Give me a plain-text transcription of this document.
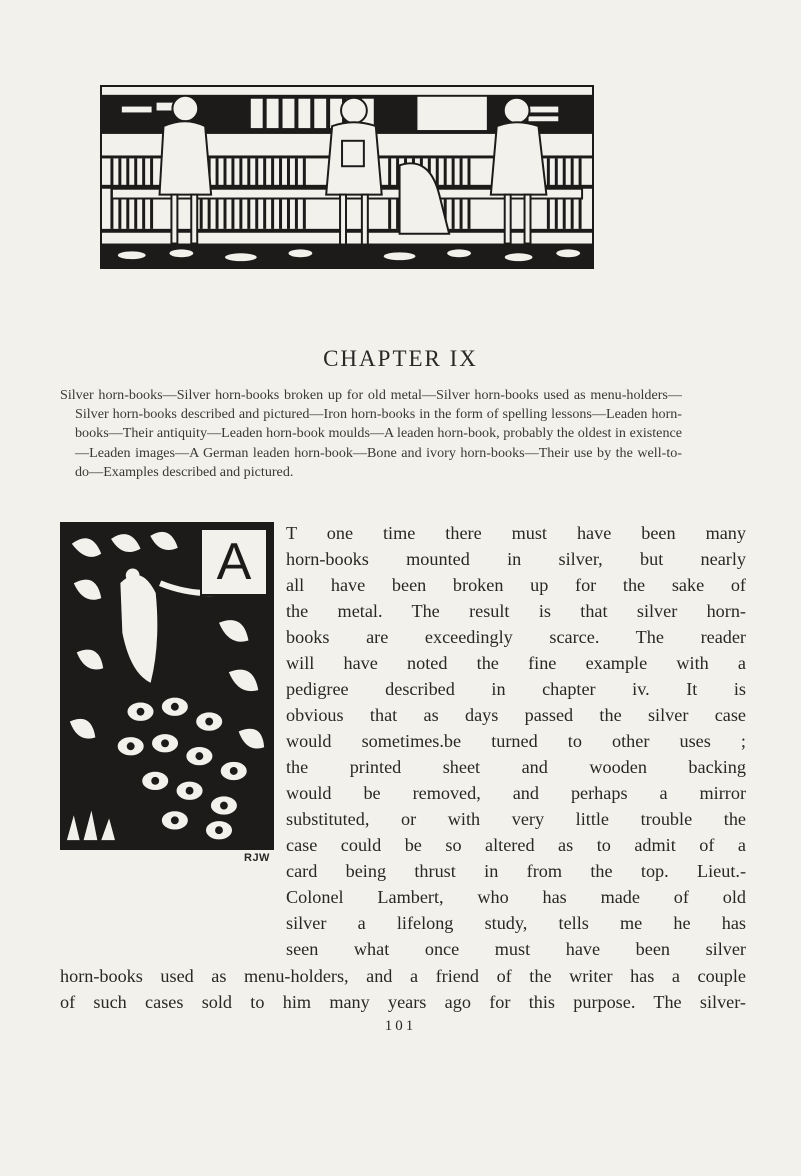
CHAPTER IX
Silver horn-books—Silver horn-books broken up for old metal—Silver horn-books used as menu-holders—Silver horn-books described and pictured—Iron horn-books in the form of spelling lessons—Leaden horn-books—Their antiquity—Leaden horn-book moulds—A leaden horn-book, probably the oldest in existence—Leaden images—A German leaden horn-book—Bone and ivory horn-books—Their use by the well-to-do—Examples described and pictured.
A
RJW
T one time there must have been many
horn-books mounted in silver, but nearly
all have been broken up for the sake of
the metal. The result is that silver horn-
books are exceedingly scarce. The reader
will have noted the fine example with a
pedigree described in chapter iv. It is
obvious that as days passed the silver case
would sometimes.be turned to other uses ;
the printed sheet and wooden backing
would be removed, and perhaps a mirror
substituted, or with very little trouble the
case could be so altered as to admit of a
card being thrust in from the top. Lieut.-
Colonel Lambert, who has made of old
silver a lifelong study, tells me he has
seen what once must have been silver
horn-books used as menu-holders, and a friend of the writer has a couple
of such cases sold to him many years ago for this purpose. The silver-
101
